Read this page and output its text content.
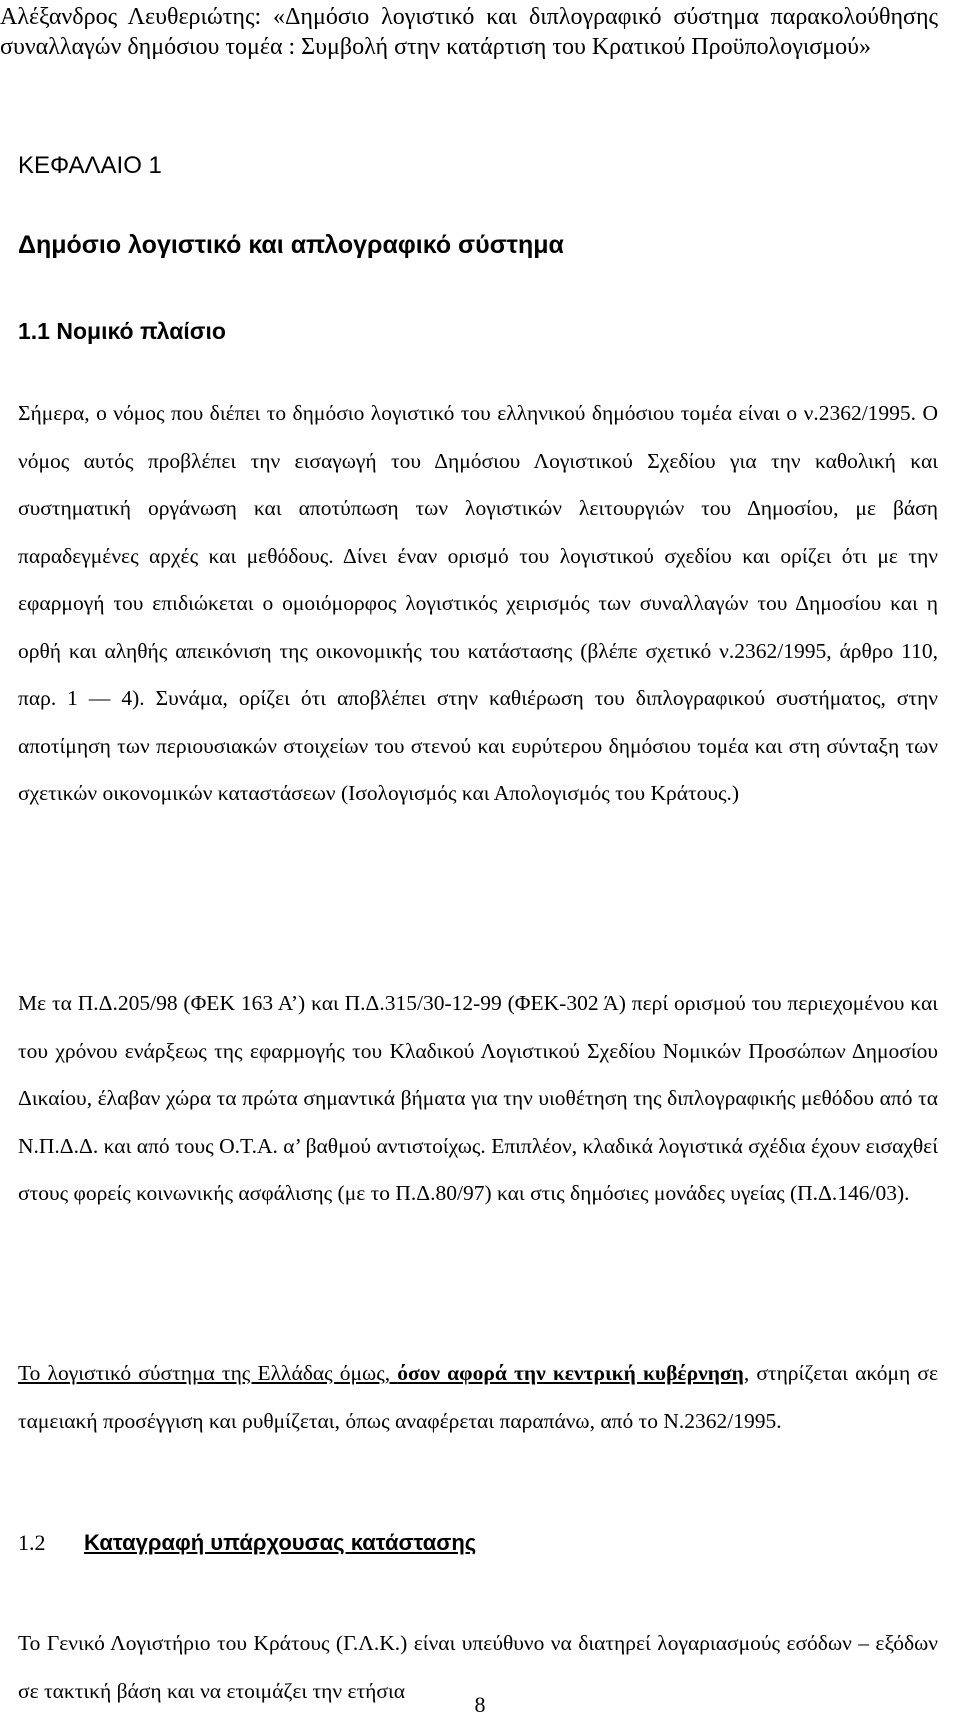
Αλέξανδρος Λευθεριώτης: «Δημόσιο λογιστικό και διπλογραφικό σύστημα παρακολούθησης συναλλαγών δημόσιου τομέα : Συμβολή στην κατάρτιση του Κρατικού Προϋπολογισμού»
ΚΕΦΑΛΑΙΟ 1
Δημόσιο λογιστικό και απλογραφικό σύστημα
1.1 Νομικό πλαίσιο

Σήμερα, ο νόμος που διέπει το δημόσιο λογιστικό του ελληνικού δημόσιου τομέα είναι ο ν.2362/1995. Ο νόμος αυτός προβλέπει την εισαγωγή του Δημόσιου Λογιστικού Σχεδίου για την καθολική και συστηματική οργάνωση και αποτύπωση των λογιστικών λειτουργιών του Δημοσίου, με βάση παραδεγμένες αρχές και μεθόδους. Δίνει έναν ορισμό του λογιστικού σχεδίου και ορίζει ότι με την εφαρμογή του επιδιώκεται ο ομοιόμορφος λογιστικός χειρισμός των συναλλαγών του Δημοσίου και η ορθή και αληθής απεικόνιση της οικονομικής του κατάστασης (βλέπε σχετικό ν.2362/1995, άρθρο 110, παρ. 1 — 4). Συνάμα, ορίζει ότι αποβλέπει στην καθιέρωση του διπλογραφικού συστήματος, στην αποτίμηση των περιουσιακών στοιχείων του στενού και ευρύτερου δημόσιου τομέα και στη σύνταξη των σχετικών οικονομικών καταστάσεων (Ισολογισμός και Απολογισμός του Κράτους.)

Με τα Π.Δ.205/98 (ΦΕΚ 163 Α’) και Π.Δ.315/30-12-99 (ΦΕΚ-302 Ά) περί ορισμού του περιεχομένου και του χρόνου ενάρξεως της εφαρμογής του Κλαδικού Λογιστικού Σχεδίου Νομικών Προσώπων Δημοσίου Δικαίου, έλαβαν χώρα τα πρώτα σημαντικά βήματα για την υιοθέτηση της διπλογραφικής μεθόδου από τα Ν.Π.Δ.Δ. και από τους Ο.Τ.Α. α’ βαθμού αντιστοίχως. Επιπλέον, κλαδικά λογιστικά σχέδια έχουν εισαχθεί στους φορείς κοινωνικής ασφάλισης (με το Π.Δ.80/97) και στις δημόσιες μονάδες υγείας (Π.Δ.146/03).

Το λογιστικό σύστημα της Ελλάδας όμως, όσον αφορά την κεντρική κυβέρνηση, στηρίζεται ακόμη σε ταμειακή προσέγγιση και ρυθμίζεται, όπως αναφέρεται παραπάνω, από το Ν.2362/1995.

1.2 Καταγραφή υπάρχουσας κατάστασης

Το Γενικό Λογιστήριο του Κράτους (Γ.Λ.Κ.) είναι υπεύθυνο να διατηρεί λογαριασμούς εσόδων – εξόδων σε τακτική βάση και να ετοιμάζει την ετήσια

8
